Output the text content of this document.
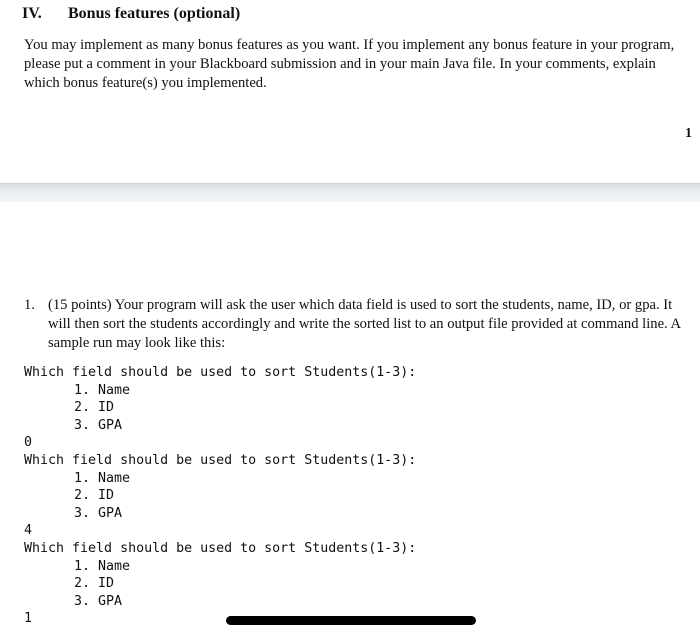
IV. Bonus features (optional)
You may implement as many bonus features as you want. If you implement any bonus feature in your program, please put a comment in your Blackboard submission and in your main Java file. In your comments, explain which bonus feature(s) you implemented.
1
1. (15 points) Your program will ask the user which data field is used to sort the students, name, ID, or gpa. It will then sort the students accordingly and write the sorted list to an output file provided at command line. A sample run may look like this:
Which field should be used to sort Students(1-3):
1. Name
2. ID
3. GPA
0
Which field should be used to sort Students(1-3):
1. Name
2. ID
3. GPA
4
Which field should be used to sort Students(1-3):
1. Name
2. ID
3. GPA
1
